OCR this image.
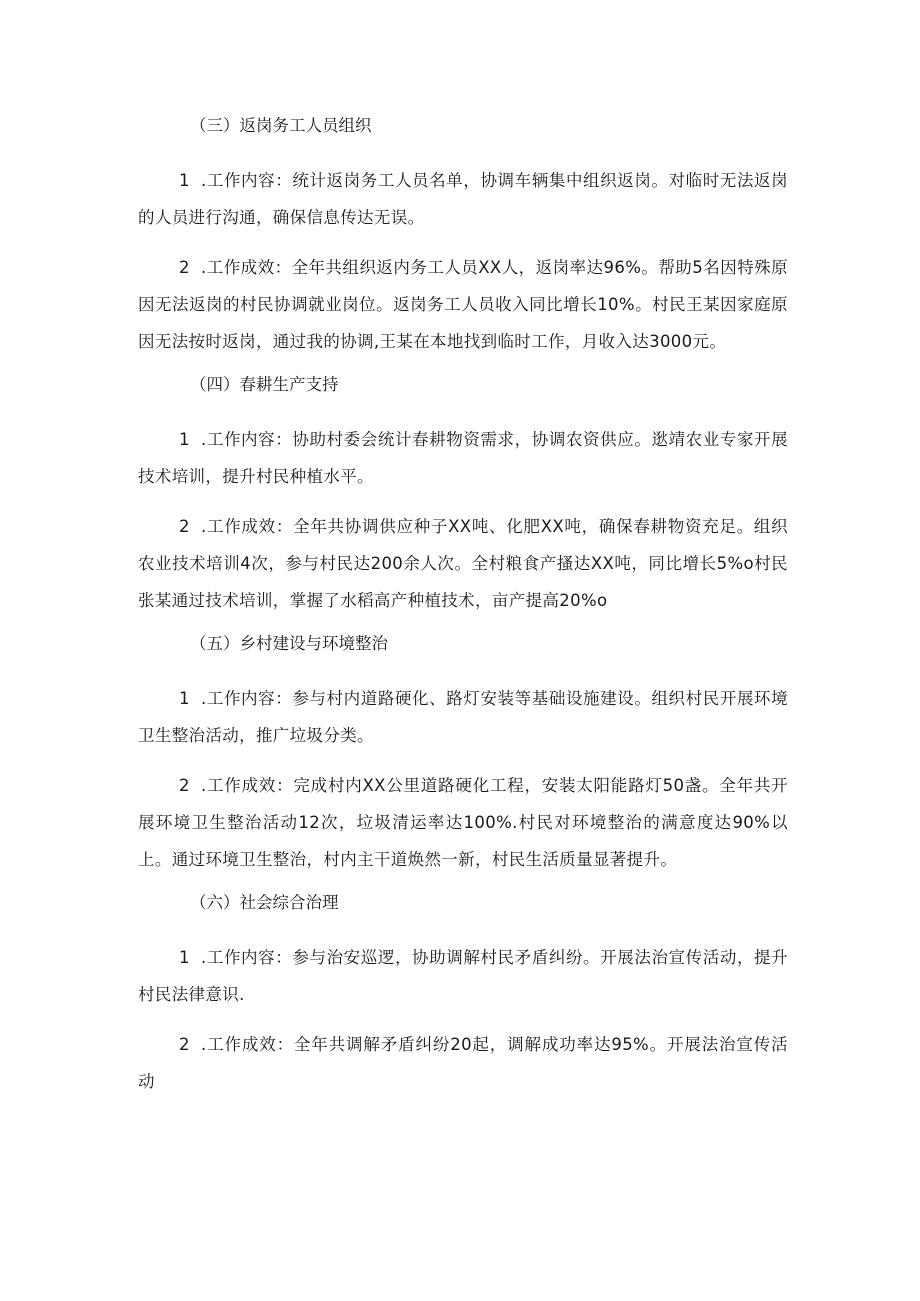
（三）返岗务工人员组织

1 .工作内容：统计返岗务工人员名单，协调车辆集中组织返岗。对临时无法返岗的人员进行沟通，确保信息传达无误。

2 .工作成效：全年共组织返内务工人员XX人，返岗率达96%。帮助5名因特殊原因无法返岗的村民协调就业岗位。返岗务工人员收入同比增长10%。村民王某因家庭原因无法按时返岗，通过我的协调,王某在本地找到临时工作，月收入达3000元。

（四）春耕生产支持

1 .工作内容：协助村委会统计春耕物资需求，协调农资供应。逖靖农业专家开展技术培训，提升村民种植水平。

2 .工作成效：全年共协调供应种子XX吨、化肥XX吨，确保春耕物资充足。组织农业技术培训4次，参与村民达200余人次。全村粮食产搔达XX吨，同比增长5%o村民张某通过技术培训，掌握了水稻高产种植技术，亩产提高20%o

（五）乡村建设与环境整治

1 .工作内容：参与村内道路硬化、路灯安装等基础设施建设。组织村民开展环境卫生整治活动，推广垃圾分类。

2 .工作成效：完成村内XX公里道路硬化工程，安装太阳能路灯50盏。全年共开展环境卫生整治活动12次，垃圾清运率达100%.村民对环境整治的满意度达90%以上。通过环境卫生整治，村内主干道焕然一新，村民生活质量显著提升。

（六）社会综合治理

1 .工作内容：参与治安巡逻，协助调解村民矛盾纠纷。开展法治宣传活动，提升村民法律意识.

2 .工作成效：全年共调解矛盾纠纷20起，调解成功率达95%。开展法治宣传活动
